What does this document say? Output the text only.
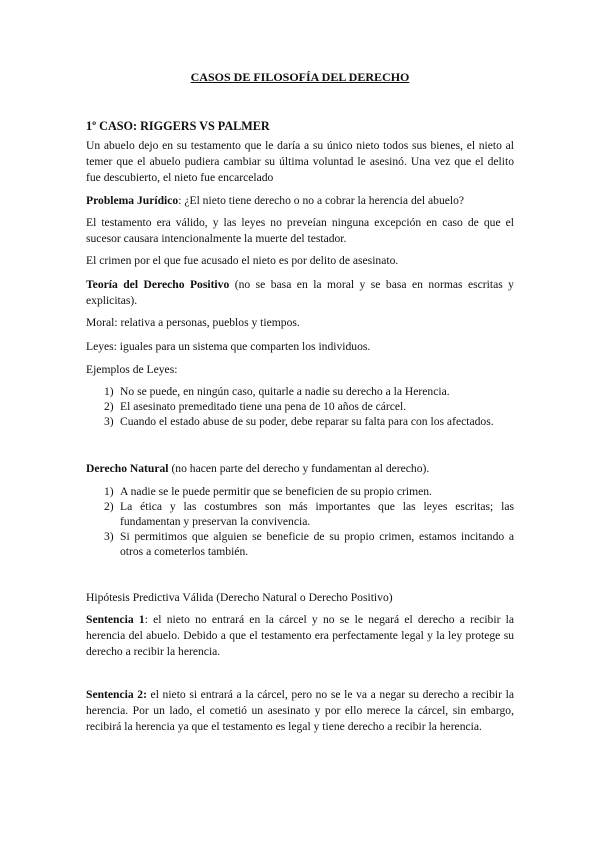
CASOS DE FILOSOFÍA DEL DERECHO

1º CASO: RIGGERS VS PALMER

Un abuelo dejo en su testamento que le daría a su único nieto todos sus bienes, el nieto al temer que el abuelo pudiera cambiar su última voluntad le asesinó. Una vez que el delito fue descubierto, el nieto fue encarcelado

Problema Jurídico: ¿El nieto tiene derecho o no a cobrar la herencia del abuelo?

El testamento era válido, y las leyes no preveían ninguna excepción en caso de que el sucesor causara intencionalmente la muerte del testador.

El crimen por el que fue acusado el nieto es por delito de asesinato.

Teoría del Derecho Positivo (no se basa en la moral y se basa en normas escritas y explicitas).

Moral: relativa a personas, pueblos y tiempos.

Leyes: iguales para un sistema que comparten los individuos.

Ejemplos de Leyes:

1) No se puede, en ningún caso, quitarle a nadie su derecho a la Herencia.
2) El asesinato premeditado tiene una pena de 10 años de cárcel.
3) Cuando el estado abuse de su poder, debe reparar su falta para con los afectados.

Derecho Natural (no hacen parte del derecho y fundamentan al derecho).

1) A nadie se le puede permitir que se beneficien de su propio crimen.
2) La ética y las costumbres son más importantes que las leyes escritas; las fundamentan y preservan la convivencia.
3) Si permitimos que alguien se beneficie de su propio crimen, estamos incitando a otros a cometerlos también.

Hipótesis Predictiva Válida (Derecho Natural o Derecho Positivo)

Sentencia 1: el nieto no entrará en la cárcel y no se le negará el derecho a recibir la herencia del abuelo. Debido a que el testamento era perfectamente legal y la ley protege su derecho a recibir la herencia.

Sentencia 2: el nieto si entrará a la cárcel, pero no se le va a negar su derecho a recibir la herencia. Por un lado, el cometió un asesinato y por ello merece la cárcel, sin embargo, recibirá la herencia ya que el testamento es legal y tiene derecho a recibir la herencia.
